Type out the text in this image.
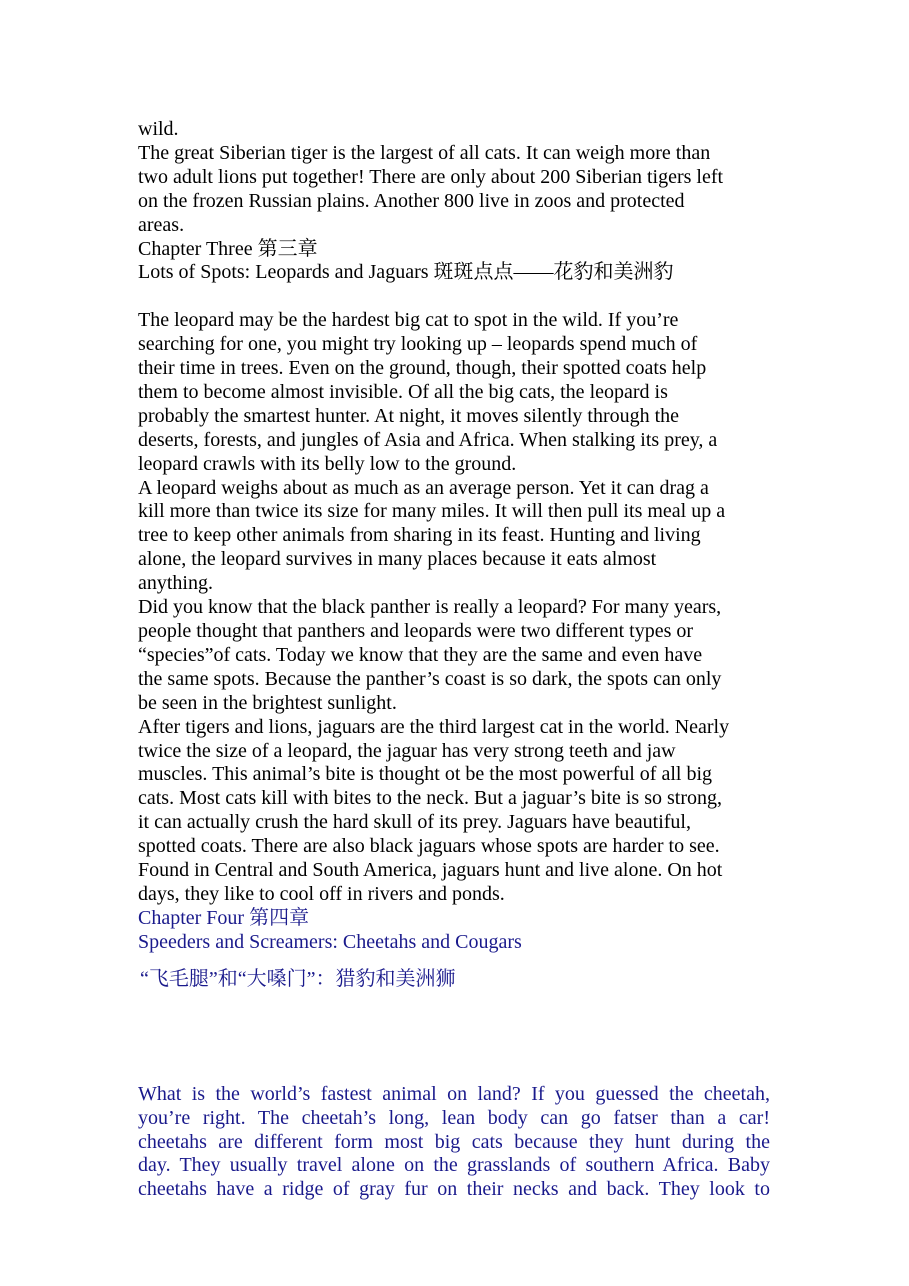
wild.

The great Siberian tiger is the largest of all cats. It can weigh more than

two adult lions put together! There are only about 200 Siberian tigers left

on the frozen Russian plains. Another 800 live in zoos and protected

areas.

Chapter Three 第三章

Lots of Spots: Leopards and Jaguars 斑斑点点——花豹和美洲豹

The leopard may be the hardest big cat to spot in the wild. If you’re

searching for one, you might try looking up – leopards spend much of

their time in trees. Even on the ground, though, their spotted coats help

them to become almost invisible. Of all the big cats, the leopard is

probably the smartest hunter. At night, it moves silently through the

deserts, forests, and jungles of Asia and Africa. When stalking its prey, a

leopard crawls with its belly low to the ground.

A leopard weighs about as much as an average person. Yet it can drag a

kill more than twice its size for many miles. It will then pull its meal up a

tree to keep other animals from sharing in its feast. Hunting and living

alone, the leopard survives in many places because it eats almost

anything.

Did you know that the black panther is really a leopard? For many years,

people thought that panthers and leopards were two different types or

“species”of cats. Today we know that they are the same and even have

the same spots. Because the panther’s coast is so dark, the spots can only

be seen in the brightest sunlight.

After tigers and lions, jaguars are the third largest cat in the world. Nearly

twice the size of a leopard, the jaguar has very strong teeth and jaw

muscles. This animal’s bite is thought ot be the most powerful of all big

cats. Most cats kill with bites to the neck. But a jaguar’s bite is so strong,

it can actually crush the hard skull of its prey. Jaguars have beautiful,

spotted coats. There are also black jaguars whose spots are harder to see.

Found in Central and South America, jaguars hunt and live alone. On hot

days, they like to cool off in rivers and ponds.

Chapter Four 第四章

Speeders and Screamers: Cheetahs and Cougars

“飞毛腿”和“大嗓门”：猎豹和美洲狮

What is the world’s fastest animal on land? If you guessed the cheetah,

you’re right. The cheetah’s long, lean body can go fatser than a car!

cheetahs are different form most big cats because they hunt during the

day. They usually travel alone on the grasslands of southern Africa. Baby

cheetahs have a ridge of gray fur on their necks and back. They look to
